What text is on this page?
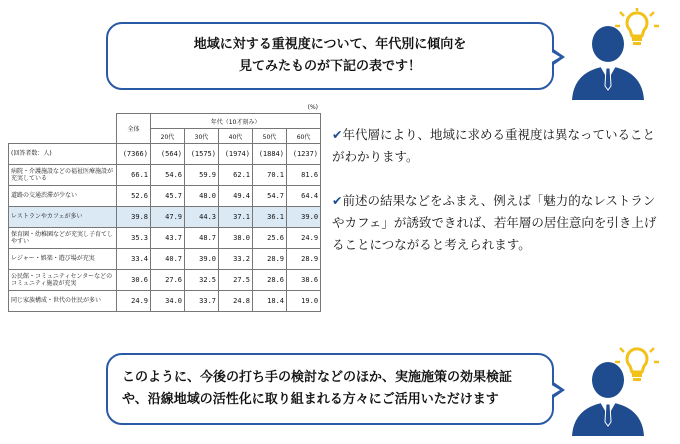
地域に対する重視度について、年代別に傾向を
見てみたものが下記の表です！
(%)
	全体	年代（10才刻み）				
		20代	30代	40代	50代	60代
(回答者数：人)	(7366)	(564)	(1575)	(1974)	(1884)	(1237)
病院・介護施設などの福祉医療施設が充実している	66.1	54.6	59.9	62.1	70.1	81.6
道路の交通渋滞が少ない	52.6	45.7	48.0	49.4	54.7	64.4
レストランやカフェが多い	39.8	47.9	44.3	37.1	36.1	39.0
保育園・幼稚園などが充実し子育てしやすい	35.3	43.7	48.7	38.0	25.6	24.9
レジャー・娯楽・遊び場が充実	33.4	40.7	39.0	33.2	28.9	28.9
公民館・コミュニティセンターなどのコミュニティ施設が充実	30.6	27.6	32.5	27.5	28.6	38.6
同じ家族構成・世代の住民が多い	24.9	34.0	33.7	24.8	18.4	19.0

✔年代層により、地域に求める重視度は異なっていることがわかります。

✔前述の結果などをふまえ、例えば「魅力的なレストランやカフェ」が誘致できれば、若年層の居住意向を引き上げることにつながると考えられます。

このように、今後の打ち手の検討などのほか、実施施策の効果検証
や、沿線地域の活性化に取り組まれる方々にご活用いただけます
